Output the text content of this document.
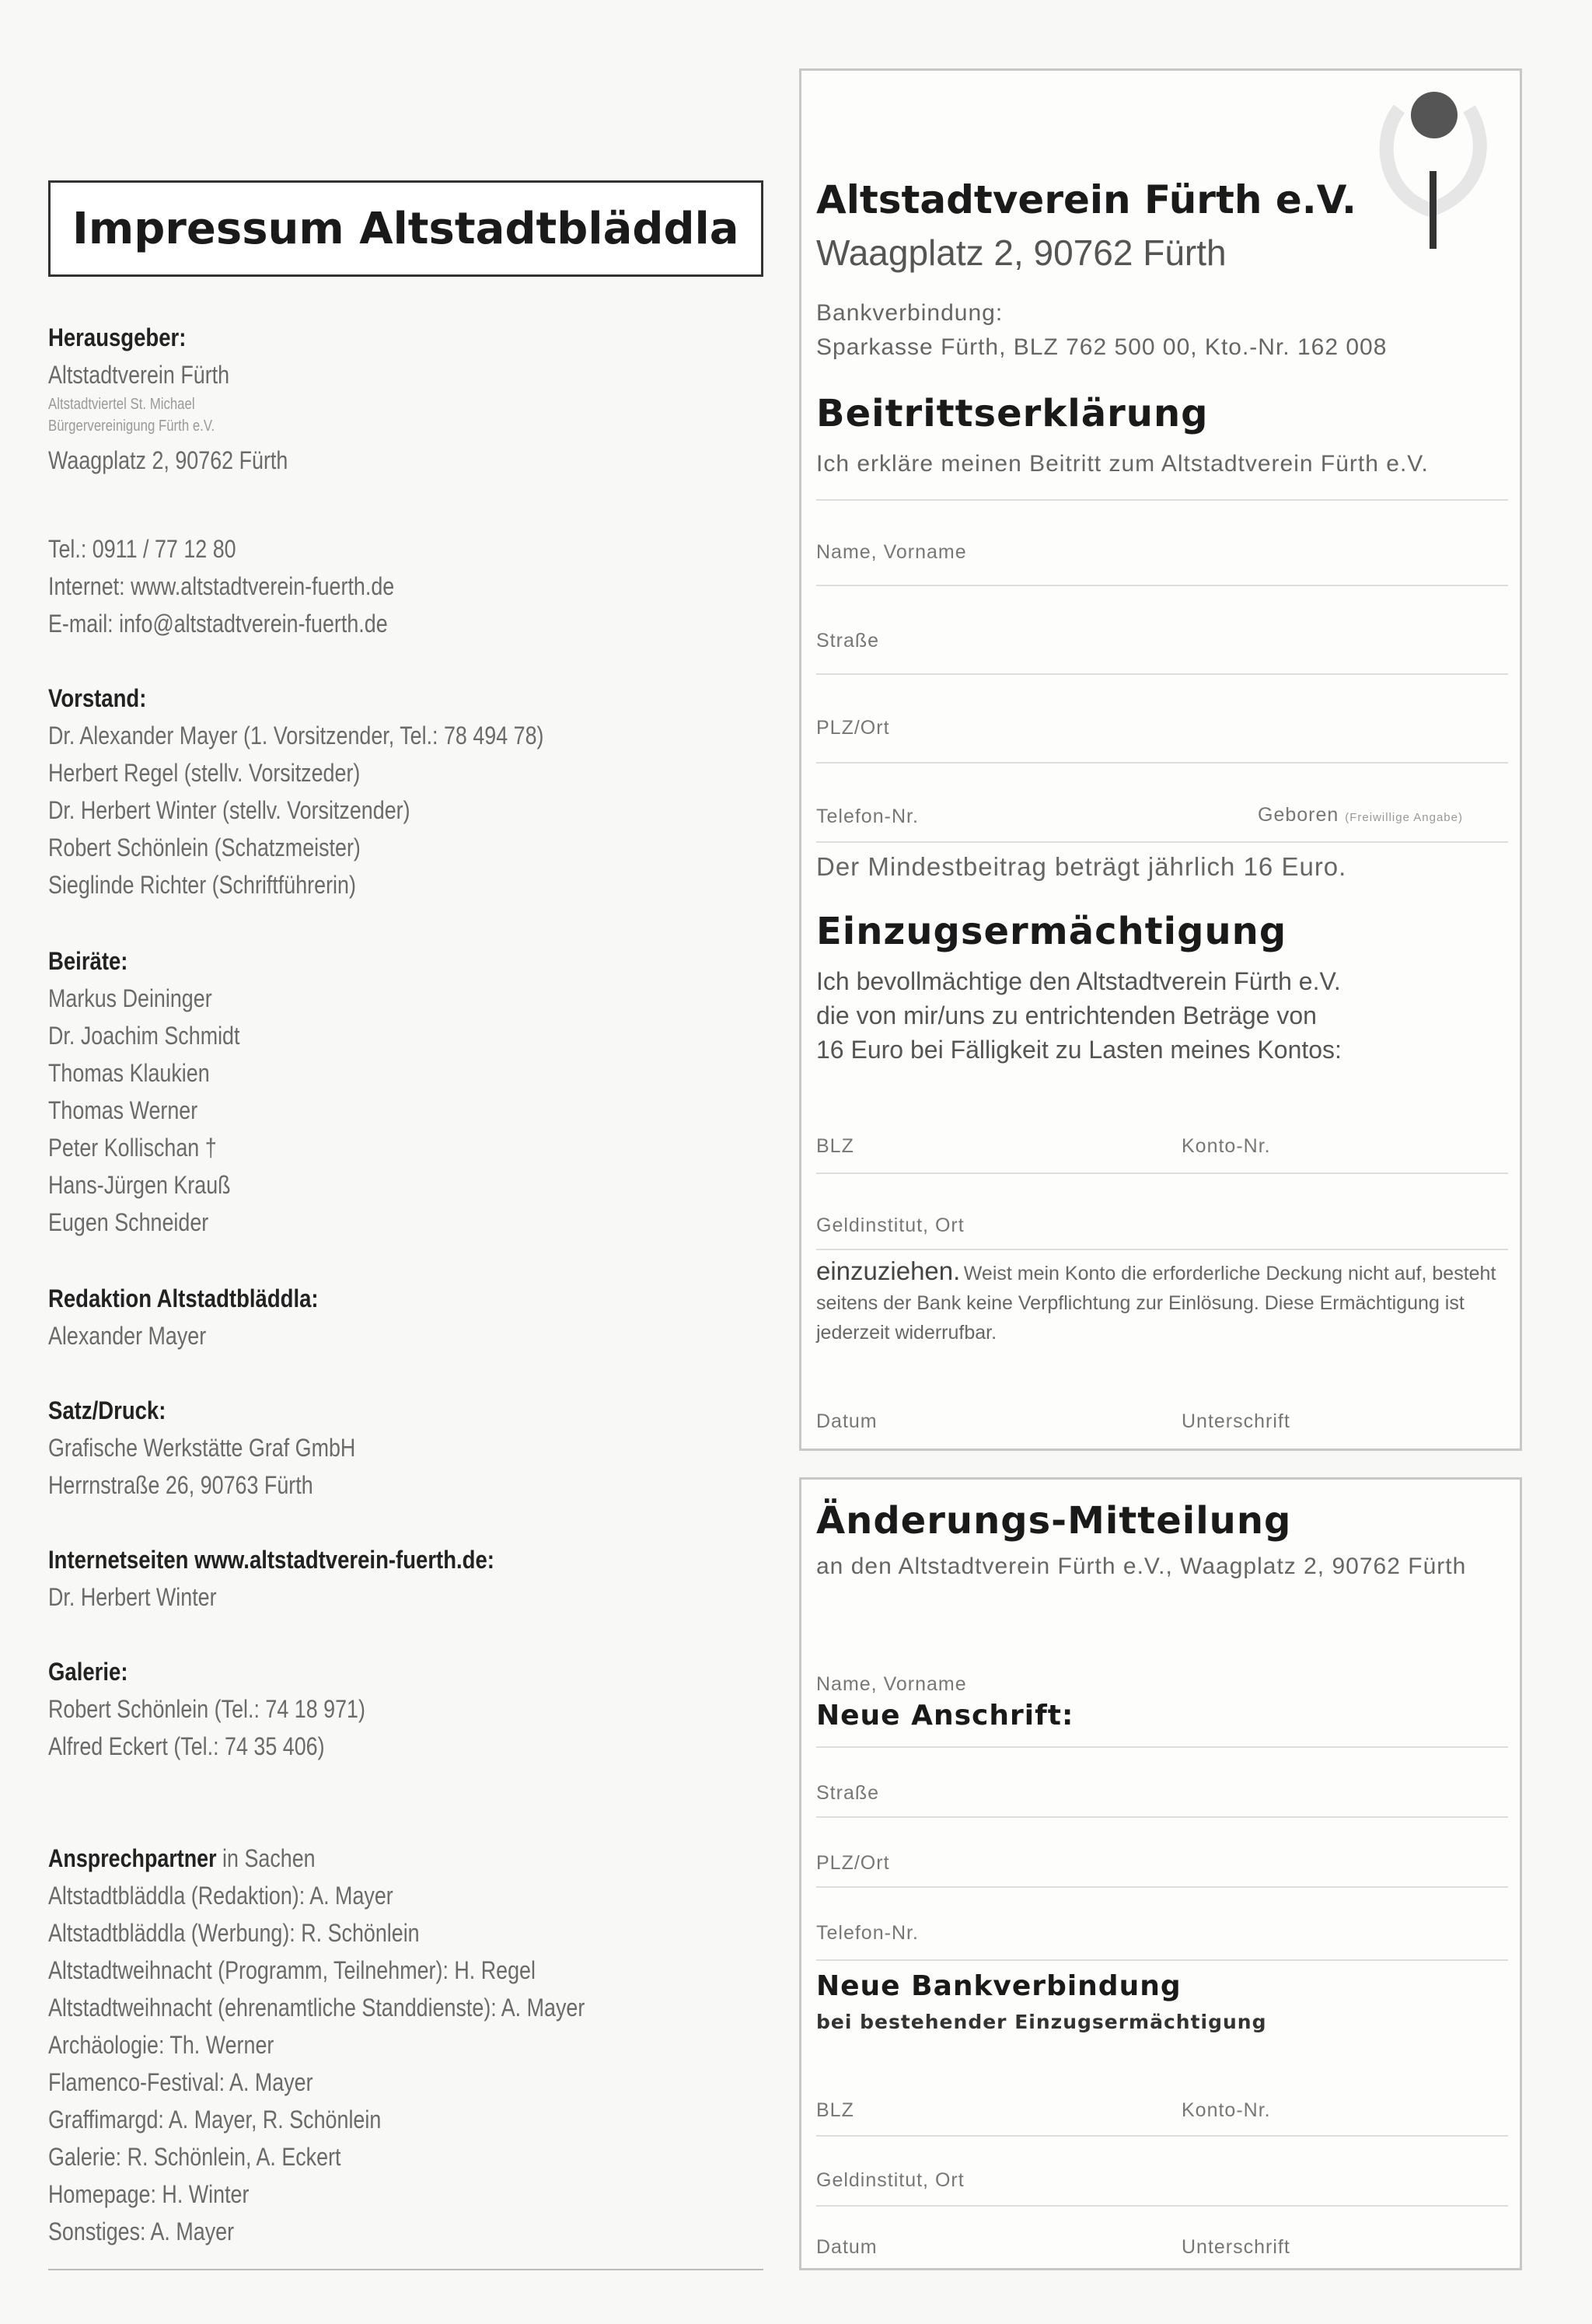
Impressum Altstadtbläddla
Herausgeber:
Altstadtverein Fürth
Altstadtviertel St. Michael
Bürgervereinigung Fürth e.V.
Waagplatz 2, 90762 Fürth
Tel.: 0911 / 77 12 80
Internet: www.altstadtverein-fuerth.de
E-mail: info@altstadtverein-fuerth.de
Vorstand:
Dr. Alexander Mayer (1. Vorsitzender, Tel.: 78 494 78)
Herbert Regel (stellv. Vorsitzeder)
Dr. Herbert Winter (stellv. Vorsitzender)
Robert Schönlein (Schatzmeister)
Sieglinde Richter (Schriftführerin)
Beiräte:
Markus Deininger
Dr. Joachim Schmidt
Thomas Klaukien
Thomas Werner
Peter Kollischan †
Hans-Jürgen Krauß
Eugen Schneider
Redaktion Altstadtbläddla:
Alexander Mayer
Satz/Druck:
Grafische Werkstätte Graf GmbH
Herrnstraße 26, 90763 Fürth
Internetseiten www.altstadtverein-fuerth.de:
Dr. Herbert Winter
Galerie:
Robert Schönlein (Tel.: 74 18 971)
Alfred Eckert (Tel.: 74 35 406)
Ansprechpartner in Sachen
Altstadtbläddla (Redaktion): A. Mayer
Altstadtbläddla (Werbung): R. Schönlein
Altstadtweihnacht (Programm, Teilnehmer): H. Regel
Altstadtweihnacht (ehrenamtliche Standdienste): A. Mayer
Archäologie: Th. Werner
Flamenco-Festival: A. Mayer
Graffimargd: A. Mayer, R. Schönlein
Galerie: R. Schönlein, A. Eckert
Homepage: H. Winter
Sonstiges: A. Mayer
Altstadtverein Fürth e.V.
Waagplatz 2, 90762 Fürth
Bankverbindung:
Sparkasse Fürth, BLZ 762 500 00, Kto.-Nr. 162 008
Beitrittserklärung
Ich erkläre meinen Beitritt zum Altstadtverein Fürth e.V.
Name, Vorname
Straße
PLZ/Ort
Telefon-Nr.	Geboren (Freiwillige Angabe)
Der Mindestbeitrag beträgt jährlich 16 Euro.
Einzugsermächtigung
Ich bevollmächtige den Altstadtverein Fürth e.V.
die von mir/uns zu entrichtenden Beträge von
16 Euro bei Fälligkeit zu Lasten meines Kontos:
BLZ	Konto-Nr.
Geldinstitut, Ort
einzuziehen. Weist mein Konto die erforderliche Deckung nicht auf, besteht seitens der Bank keine Verpflichtung zur Einlösung. Diese Ermächtigung ist jederzeit widerrufbar.
Datum	Unterschrift
Änderungs-Mitteilung
an den Altstadtverein Fürth e.V., Waagplatz 2, 90762 Fürth
Name, Vorname
Neue Anschrift:
Straße
PLZ/Ort
Telefon-Nr.
Neue Bankverbindung
bei bestehender Einzugsermächtigung
BLZ	Konto-Nr.
Geldinstitut, Ort
Datum	Unterschrift
